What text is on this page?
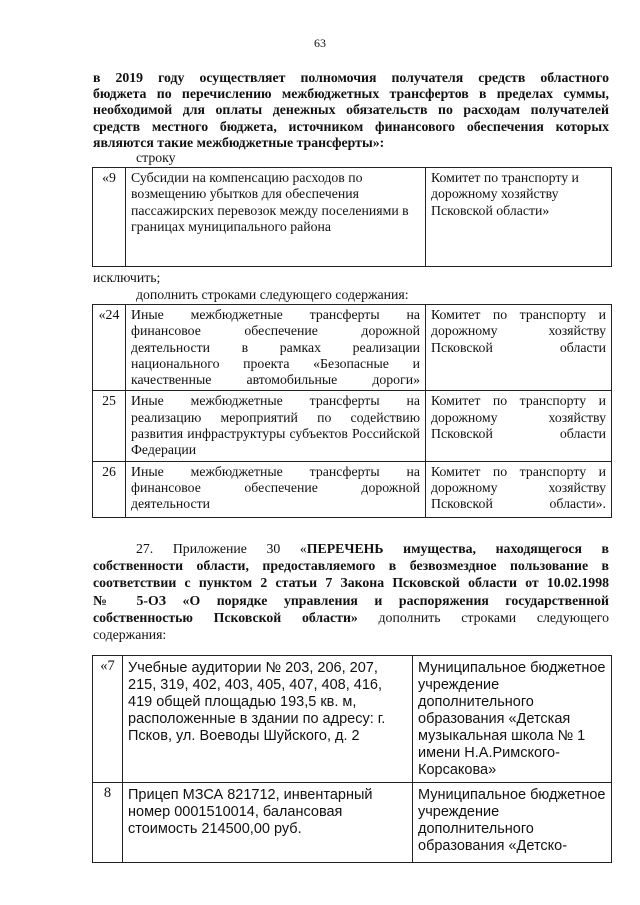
63
в 2019 году осуществляет полномочия получателя средств областного
бюджета по перечислению межбюджетных трансфертов в пределах суммы,
необходимой для оплаты денежных обязательств по расходам получателей
средств местного бюджета, источником финансового обеспечения которых
являются такие межбюджетные трансферты»:
строку
«9	Субсидии на компенсацию расходов по возмещению убытков для обеспечения пассажирских перевозок между поселениями в границах муниципального района	Комитет по транспорту и дорожному хозяйству Псковской области»
исключить;
дополнить строками следующего содержания:
«24	Иные межбюджетные трансферты на финансовое обеспечение дорожной деятельности в рамках реализации национального проекта «Безопасные и качественные автомобильные дороги»	Комитет по транспорту и дорожному хозяйству Псковской области
25	Иные межбюджетные трансферты на реализацию мероприятий по содействию развития инфраструктуры субъектов Российской Федерации	Комитет по транспорту и дорожному хозяйству Псковской области
26	Иные межбюджетные трансферты на финансовое обеспечение дорожной деятельности	Комитет по транспорту и дорожному хозяйству Псковской области».
27. Приложение 30 «ПЕРЕЧЕНЬ имущества, находящегося в
собственности области, предоставляемого в безвозмездное пользование в
соответствии с пунктом 2 статьи 7 Закона Псковской области от 10.02.1998
№ 5-ОЗ «О порядке управления и распоряжения государственной
собственностью Псковской области» дополнить строками следующего
содержания:
«7	Учебные аудитории № 203, 206, 207, 215, 319, 402, 403, 405, 407, 408, 416, 419 общей площадью 193,5 кв. м, расположенные в здании по адресу: г. Псков, ул. Воеводы Шуйского, д. 2	Муниципальное бюджетное учреждение дополнительного образования «Детская музыкальная школа № 1 имени Н.А.Римского-Корсакова»
8	Прицеп МЗСА 821712, инвентарный номер 0001510014, балансовая стоимость 214500,00 руб.	Муниципальное бюджетное учреждение дополнительного образования «Детско-
